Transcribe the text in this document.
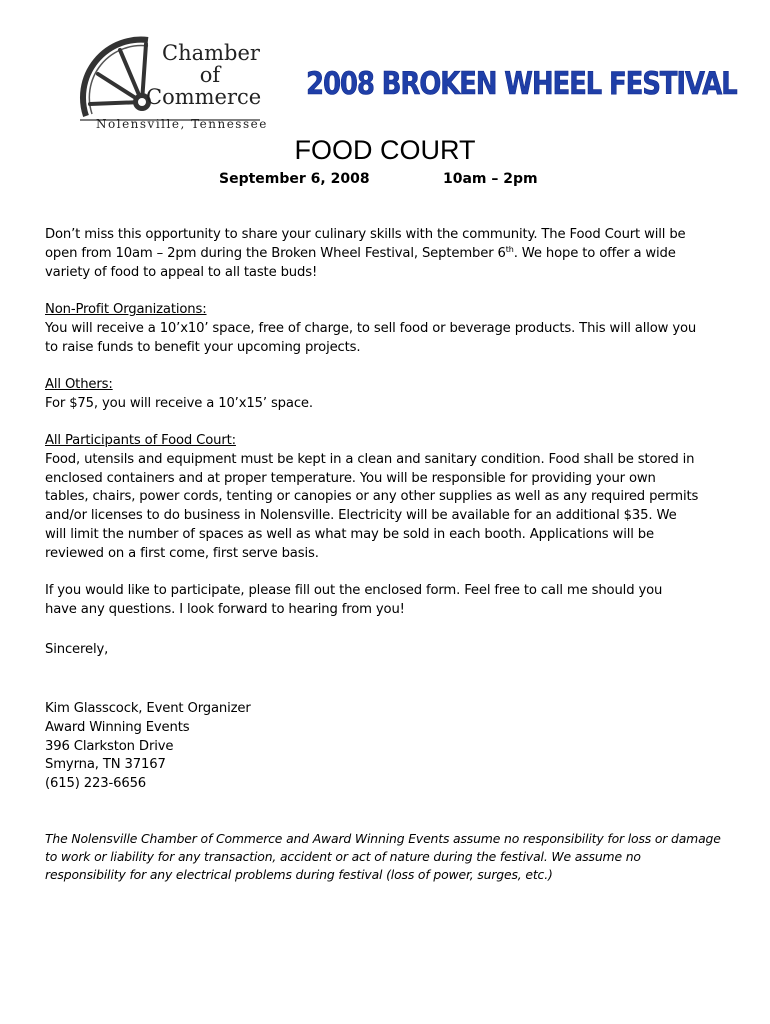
Chamber
of
Commerce
Nolensville, Tennessee
2008 BROKEN WHEEL FESTIVAL
FOOD COURT
September 6, 2008	10am – 2pm
Don’t miss this opportunity to share your culinary skills with the community. The Food Court will be
open from 10am – 2pm during the Broken Wheel Festival, September 6th. We hope to offer a wide
variety of food to appeal to all taste buds!
Non-Profit Organizations:
You will receive a 10’x10’ space, free of charge, to sell food or beverage products. This will allow you
to raise funds to benefit your upcoming projects.
All Others:
For $75, you will receive a 10’x15’ space.
All Participants of Food Court:
Food, utensils and equipment must be kept in a clean and sanitary condition. Food shall be stored in
enclosed containers and at proper temperature. You will be responsible for providing your own
tables, chairs, power cords, tenting or canopies or any other supplies as well as any required permits
and/or licenses to do business in Nolensville. Electricity will be available for an additional $35. We
will limit the number of spaces as well as what may be sold in each booth. Applications will be
reviewed on a first come, first serve basis.
If you would like to participate, please fill out the enclosed form. Feel free to call me should you
have any questions. I look forward to hearing from you!
Sincerely,
Kim Glasscock, Event Organizer
Award Winning Events
396 Clarkston Drive
Smyrna, TN 37167
(615) 223-6656
The Nolensville Chamber of Commerce and Award Winning Events assume no responsibility for loss or damage
to work or liability for any transaction, accident or act of nature during the festival. We assume no
responsibility for any electrical problems during festival (loss of power, surges, etc.)
